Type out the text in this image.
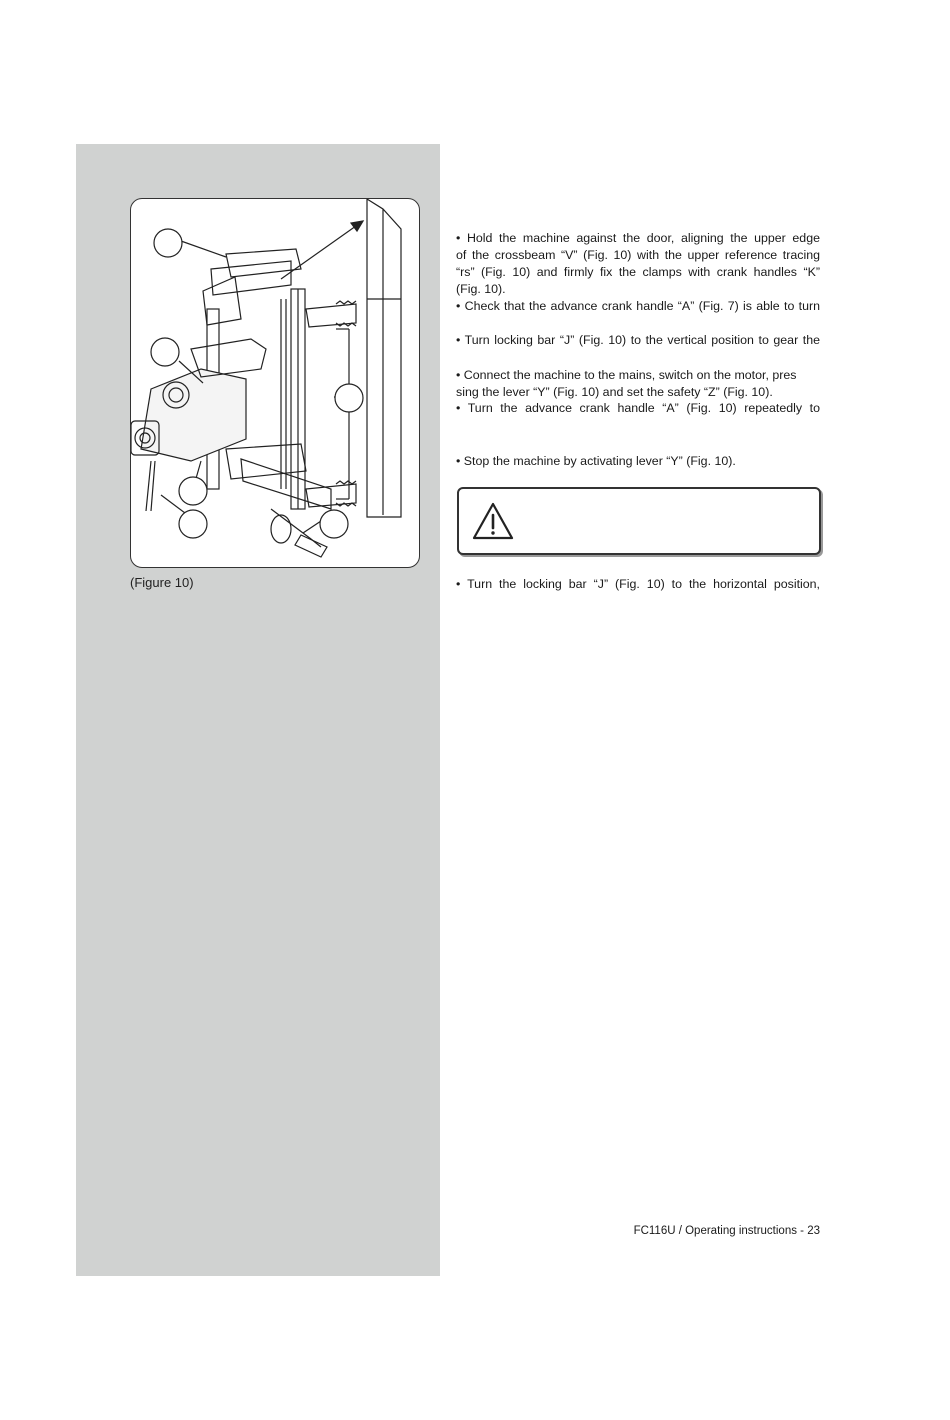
(Figure 10)

• Hold the machine against the door, aligning the upper edge

of the crossbeam “V” (Fig. 10) with the upper reference tracing

“rs” (Fig. 10) and firmly fix the clamps with crank handles “K”

(Fig. 10).

• Check that the advance crank handle “A” (Fig. 7) is able to turn

• Turn locking bar “J” (Fig. 10) to the vertical position to gear the

• Connect the machine to the mains, switch on the motor, pres

sing the lever “Y” (Fig. 10) and set the safety “Z” (Fig. 10).

• Turn the advance crank handle “A” (Fig. 10) repeatedly to

• Stop the machine by activating lever “Y” (Fig. 10).

• Turn the locking bar “J” (Fig. 10) to the horizontal position,

FC116U / Operating instructions - 23
